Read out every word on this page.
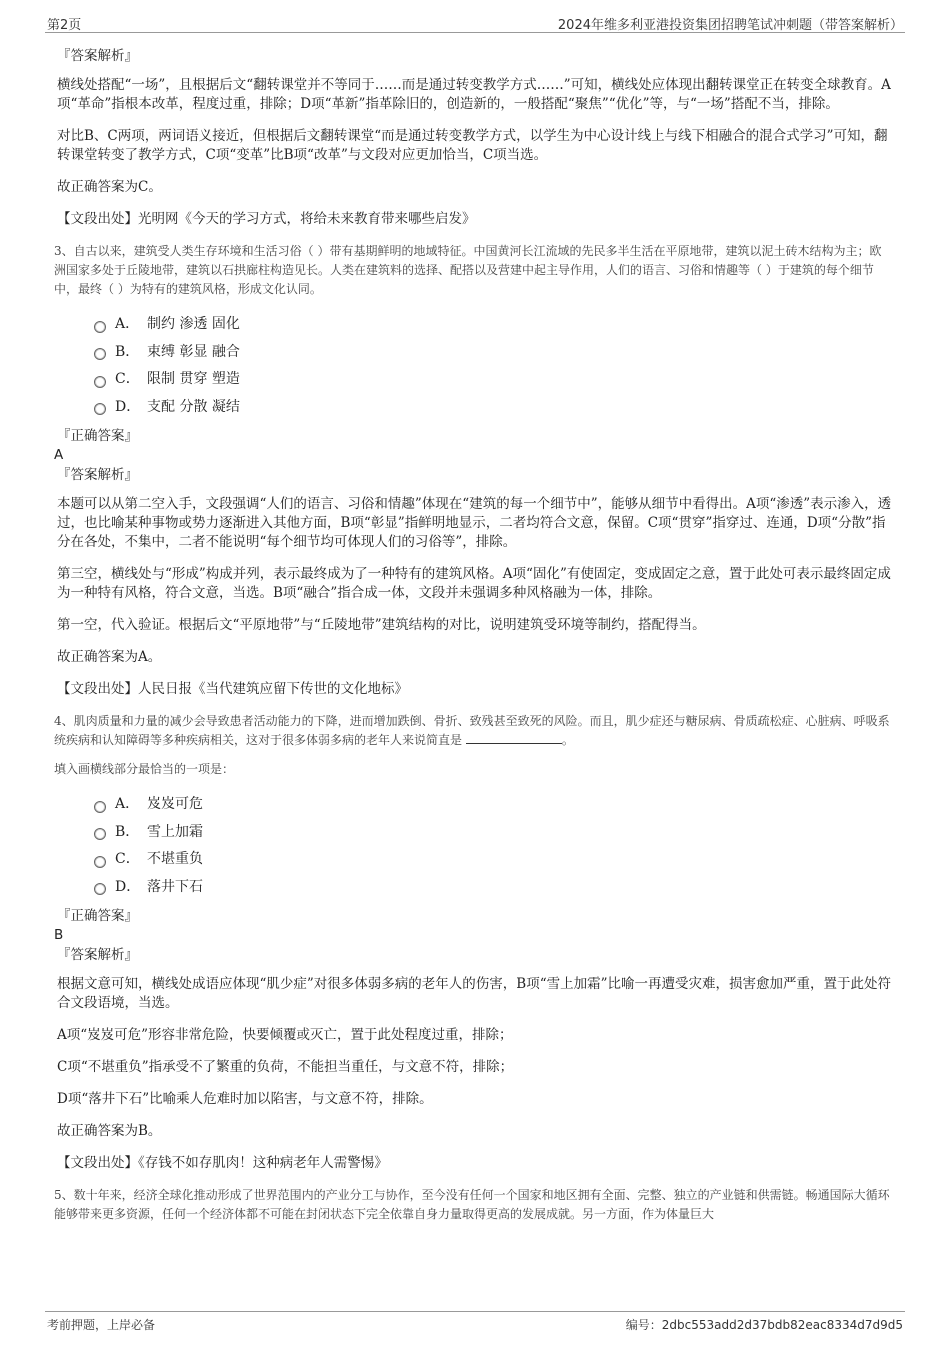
第2页	2024年维多利亚港投资集团招聘笔试冲刺题（带答案解析）
『答案解析』

横线处搭配“一场”，且根据后文“翻转课堂并不等同于……而是通过转变教学方式……”可知，横线处应体现出翻转课堂正在转变全球教育。A项“革命”指根本改革，程度过重，排除；D项“革新”指革除旧的，创造新的，一般搭配“聚焦”“优化”等，与“一场”搭配不当，排除。

对比B、C两项，两词语义接近，但根据后文翻转课堂“而是通过转变教学方式，以学生为中心设计线上与线下相融合的混合式学习”可知，翻转课堂转变了教学方式，C项“变革”比B项“改革”与文段对应更加恰当，C项当选。

故正确答案为C。

【文段出处】光明网《今天的学习方式，将给未来教育带来哪些启发》

3、自古以来，建筑受人类生存环境和生活习俗（ ）带有基期鲜明的地域特征。中国黄河长江流域的先民多半生活在平原地带，建筑以泥土砖木结构为主；欧洲国家多处于丘陵地带，建筑以石拱廊柱构造见长。人类在建筑料的选择、配搭以及营建中起主导作用，人们的语言、习俗和情趣等（ ）于建筑的每个细节中，最终（ ）为特有的建筑风格，形成文化认同。

A． 制约 渗透 固化
B． 束缚 彰显 融合
C． 限制 贯穿 塑造
D． 支配 分散 凝结
『正确答案』
A
『答案解析』

本题可以从第二空入手，文段强调“人们的语言、习俗和情趣”体现在“建筑的每一个细节中”，能够从细节中看得出。A项“渗透”表示渗入，透过，也比喻某种事物或势力逐渐进入其他方面，B项“彰显”指鲜明地显示，二者均符合文意，保留。C项“贯穿”指穿过、连通，D项“分散”指分在各处，不集中，二者不能说明“每个细节均可体现人们的习俗等”，排除。

第三空，横线处与“形成”构成并列，表示最终成为了一种特有的建筑风格。A项“固化”有使固定，变成固定之意，置于此处可表示最终固定成为一种特有风格，符合文意，当选。B项“融合”指合成一体，文段并未强调多种风格融为一体，排除。

第一空，代入验证。根据后文“平原地带”与“丘陵地带”建筑结构的对比，说明建筑受环境等制约，搭配得当。

故正确答案为A。

【文段出处】人民日报《当代建筑应留下传世的文化地标》

4、肌肉质量和力量的减少会导致患者活动能力的下降，进而增加跌倒、骨折、致残甚至致死的风险。而且，肌少症还与糖尿病、骨质疏松症、心脏病、呼吸系统疾病和认知障碍等多种疾病相关，这对于很多体弱多病的老年人来说简直是	。

填入画横线部分最恰当的一项是：

A． 岌岌可危
B． 雪上加霜
C． 不堪重负
D． 落井下石
『正确答案』
B
『答案解析』

根据文意可知，横线处成语应体现“肌少症”对很多体弱多病的老年人的伤害，B项“雪上加霜”比喻一再遭受灾难，损害愈加严重，置于此处符合文段语境，当选。

A项“岌岌可危”形容非常危险，快要倾覆或灭亡，置于此处程度过重，排除；

C项“不堪重负”指承受不了繁重的负荷，不能担当重任，与文意不符，排除；

D项“落井下石”比喻乘人危难时加以陷害，与文意不符，排除。

故正确答案为B。

【文段出处】《存钱不如存肌肉！这种病老年人需警惕》

5、数十年来，经济全球化推动形成了世界范围内的产业分工与协作，至今没有任何一个国家和地区拥有全面、完整、独立的产业链和供需链。畅通国际大循环能够带来更多资源，任何一个经济体都不可能在封闭状态下完全依靠自身力量取得更高的发展成就。另一方面，作为体量巨大

考前押题，上岸必备	编号：2dbc553add2d37bdb82eac8334d7d9d5
